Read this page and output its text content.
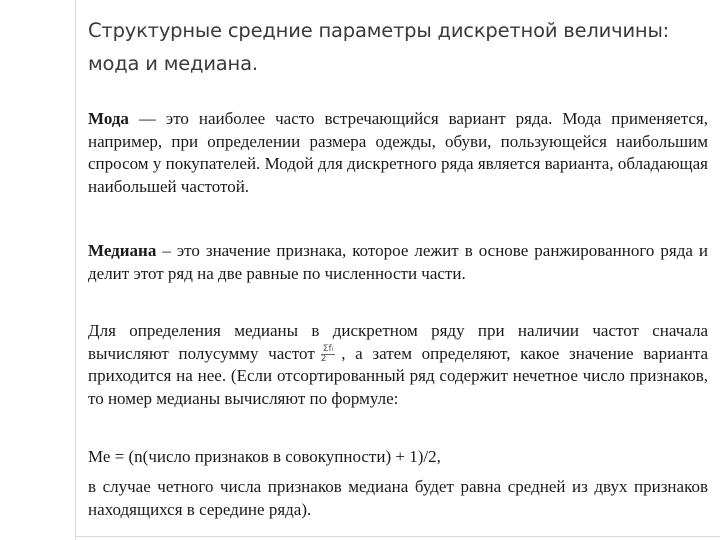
Структурные средние параметры дискретной величины: мода и медиана.

Мода — это наиболее часто встречающийся вариант ряда. Мода применяется, например, при определении размера одежды, обуви, пользующейся наибольшим спросом у покупателей. Модой для дискретного ряда является варианта, обладающая наибольшей частотой.

Медиана – это значение признака, которое лежит в основе ранжированного ряда и делит этот ряд на две равные по численности части.

Для определения медианы в дискретном ряду при наличии частот сначала вычисляют полусумму частот $\frac{\text{Σfᵢ}}{2}$ , а затем определяют, какое значение варианта приходится на нее. (Если отсортированный ряд содержит нечетное число признаков, то номер медианы вычисляют по формуле:

Ме = (n(число признаков в совокупности) + 1)/2,

в случае четного числа признаков медиана будет равна средней из двух признаков находящихся в середине ряда).
